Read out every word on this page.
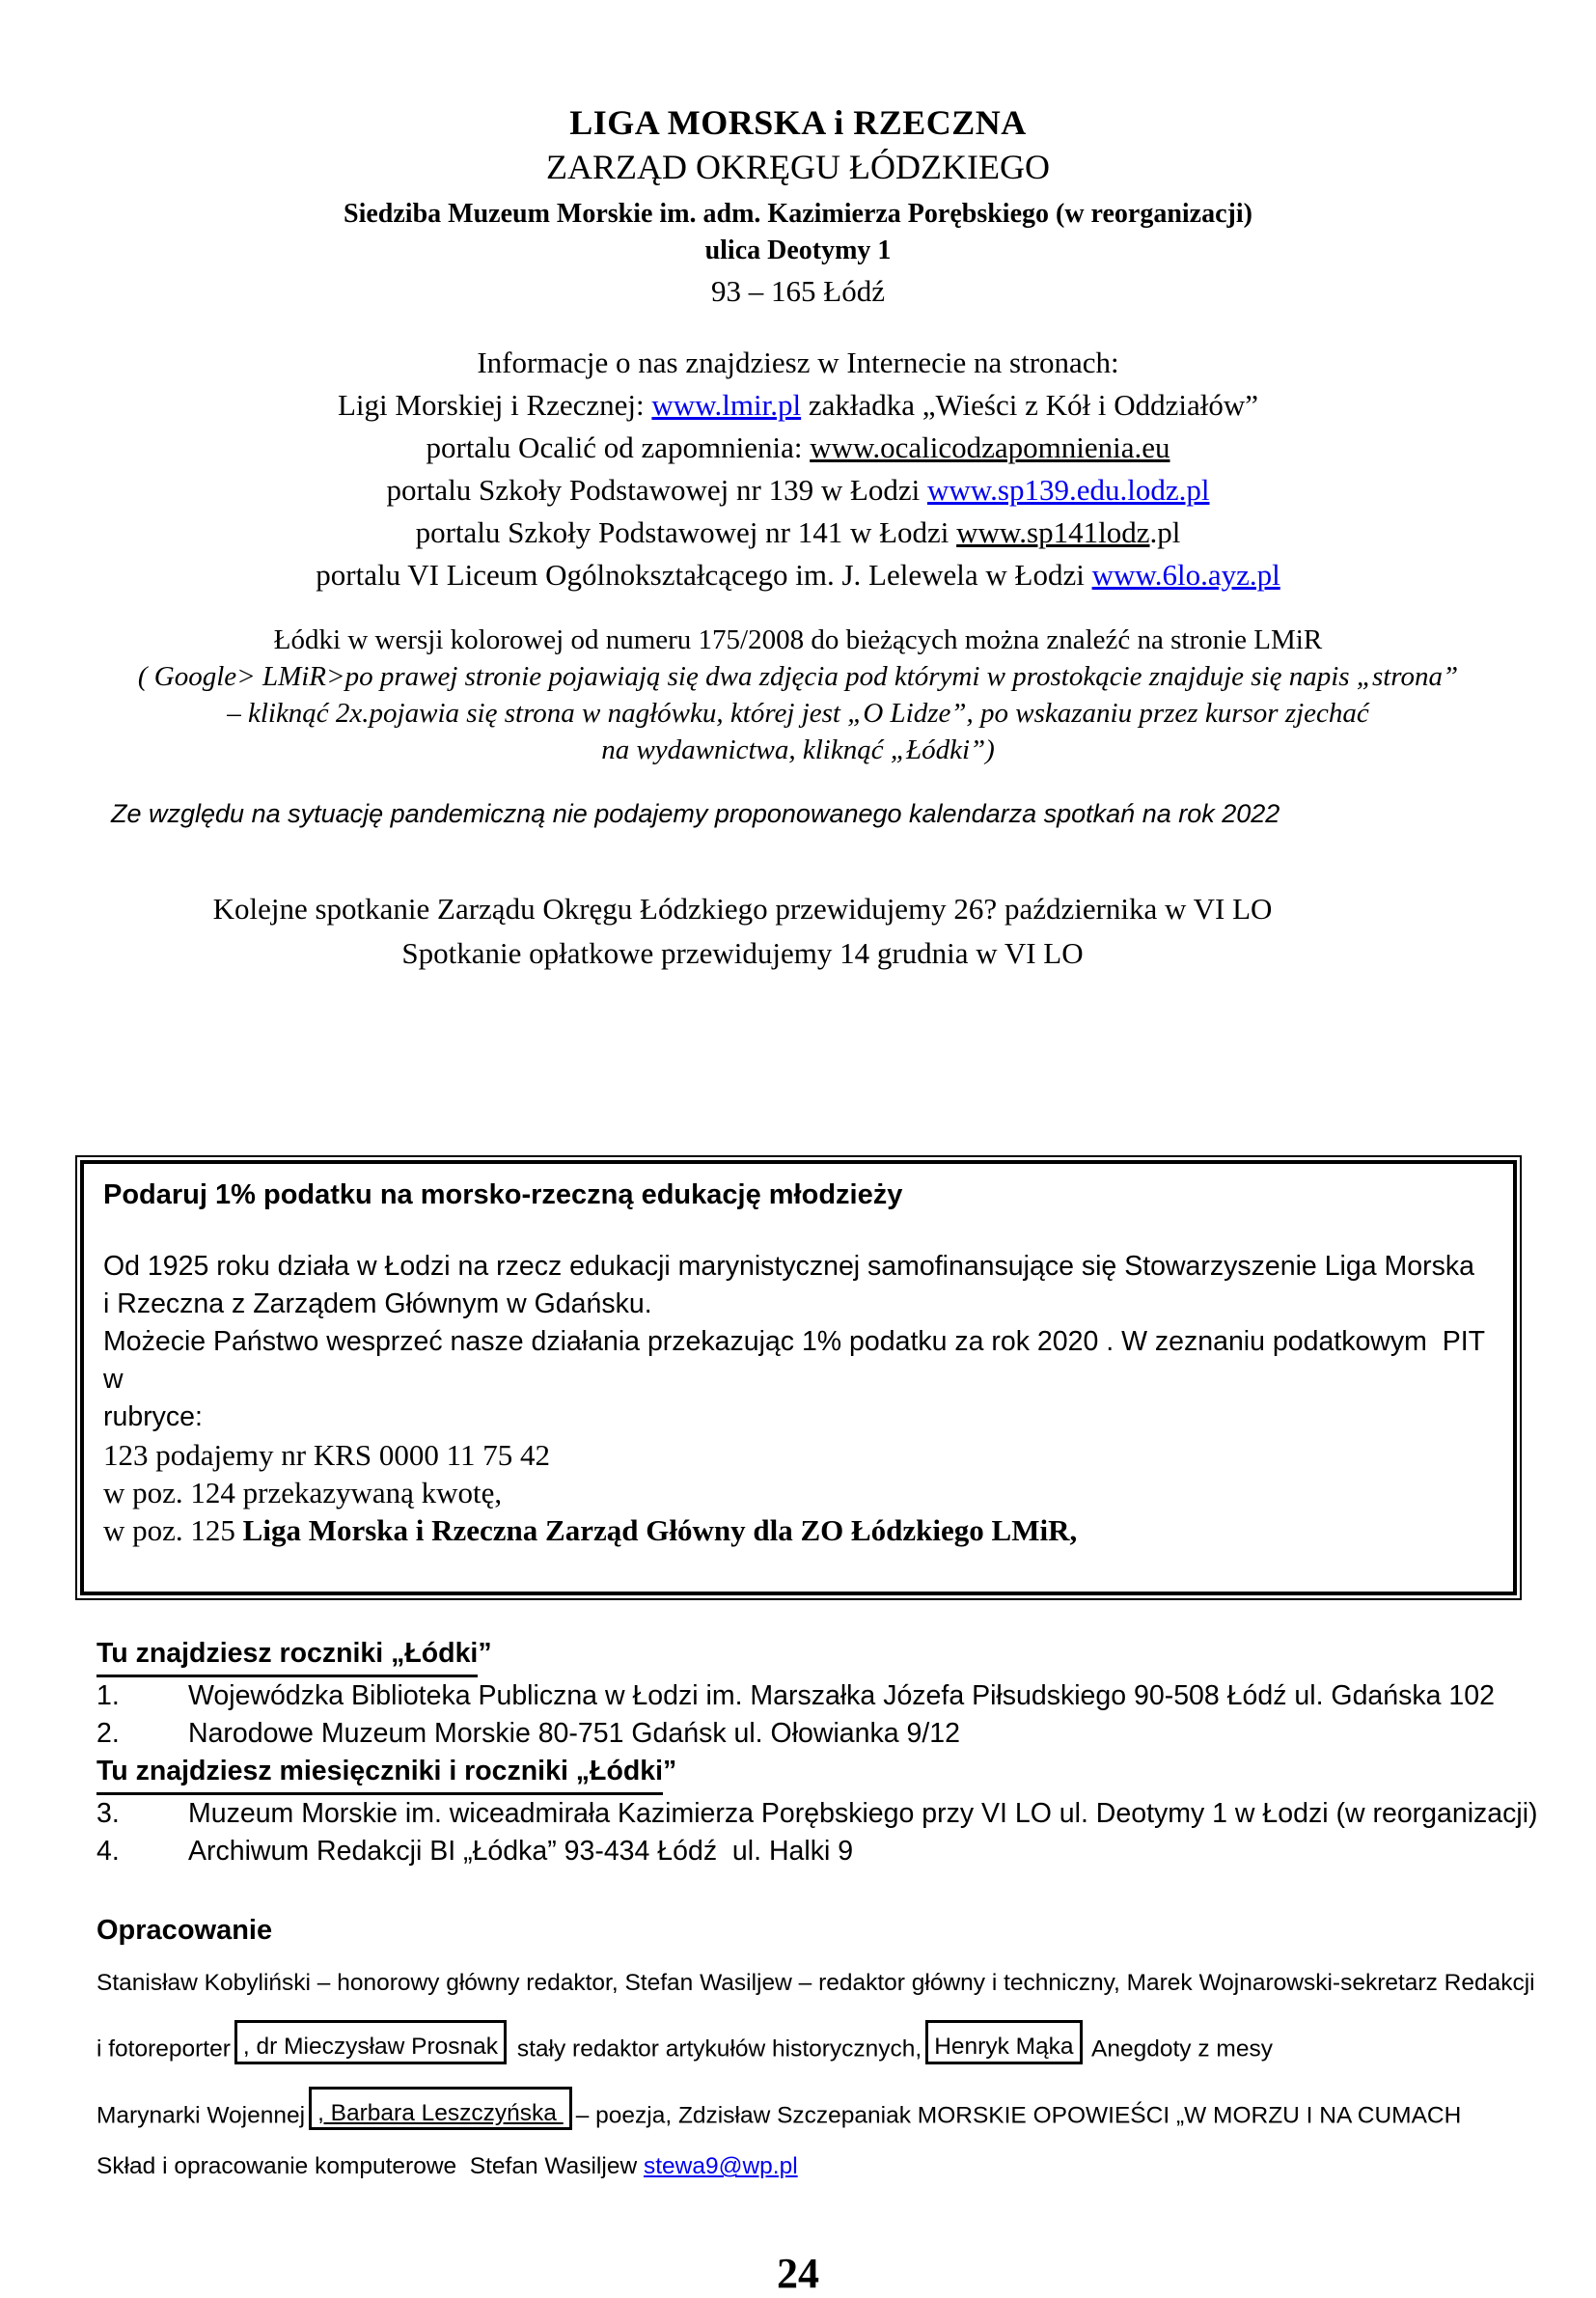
LIGA MORSKA i RZECZNA
ZARZĄD OKRĘGU ŁÓDZKIEGO
Siedziba Muzeum Morskie im. adm. Kazimierza Porębskiego (w reorganizacji)
ulica Deotymy 1
93 – 165 Łódź
Informacje o nas znajdziesz w Internecie na stronach:
Ligi Morskiej i Rzecznej: www.lmir.pl zakładka „Wieści z Kół i Oddziałów”
portalu Ocalić od zapomnienia: www.ocalicodzapomnienia.eu
portalu Szkoły Podstawowej nr 139 w Łodzi www.sp139.edu.lodz.pl
portalu Szkoły Podstawowej nr 141 w Łodzi www.sp141lodz.pl
portalu VI Liceum Ogólnokształcącego im. J. Lelewela w Łodzi www.6lo.ayz.pl
Łódki w wersji kolorowej od numeru 175/2008 do bieżących można znaleźć na stronie LMiR
( Google> LMiR>po prawej stronie pojawiają się dwa zdjęcia pod którymi w prostokącie znajduje się napis „strona”
– kliknąć 2x.pojawia się strona w nagłówku, której jest „O Lidze”, po wskazaniu przez kursor zjechać
na wydawnictwa, kliknąć „Łódki”)
Ze względu na sytuację pandemiczną nie podajemy proponowanego kalendarza spotkań na rok 2022
Kolejne spotkanie Zarządu Okręgu Łódzkiego przewidujemy 26? października w VI LO
Spotkanie opłatkowe przewidujemy 14 grudnia w VI LO

Podaruj 1% podatku na morsko-rzeczną edukację młodzieży

Od 1925 roku działa w Łodzi na rzecz edukacji marynistycznej samofinansujące się Stowarzyszenie Liga Morska

i Rzeczna z Zarządem Głównym w Gdańsku.

Możecie Państwo wesprzeć nasze działania przekazując 1% podatku za rok 2020 . W zeznaniu podatkowym  PIT w

rubryce:

123 podajemy nr KRS 0000 11 75 42

w poz. 124 przekazywaną kwotę,

w poz. 125 Liga Morska i Rzeczna Zarząd Główny dla ZO Łódzkiego LMiR,

Tu znajdziesz roczniki „Łódki”

1.	Wojewódzka Biblioteka Publiczna w Łodzi im. Marszałka Józefa Piłsudskiego 90-508 Łódź ul. Gdańska 102
2.	Narodowe Muzeum Morskie 80-751 Gdańsk ul. Ołowianka 9/12

Tu znajdziesz miesięczniki i roczniki „Łódki”

3.	Muzeum Morskie im. wiceadmirała Kazimierza Porębskiego przy VI LO ul. Deotymy 1 w Łodzi (w reorganizacji)
4.	Archiwum Redakcji BI „Łódka” 93-434 Łódź  ul. Halki 9

Opracowanie

Stanisław Kobyliński – honorowy główny redaktor, Stefan Wasiljew – redaktor główny i techniczny, Marek Wojnarowski-sekretarz Redakcji
i fotoreporter , dr Mieczysław Prosnak stały redaktor artykułów historycznych, Henryk Mąka Anegdoty z mesy
Marynarki Wojennej , Barbara Leszczyńska – poezja, Zdzisław Szczepaniak MORSKIE OPOWIEŚCI „W MORZU I NA CUMACH
Skład i opracowanie komputerowe  Stefan Wasiljew stewa9@wp.pl
24
